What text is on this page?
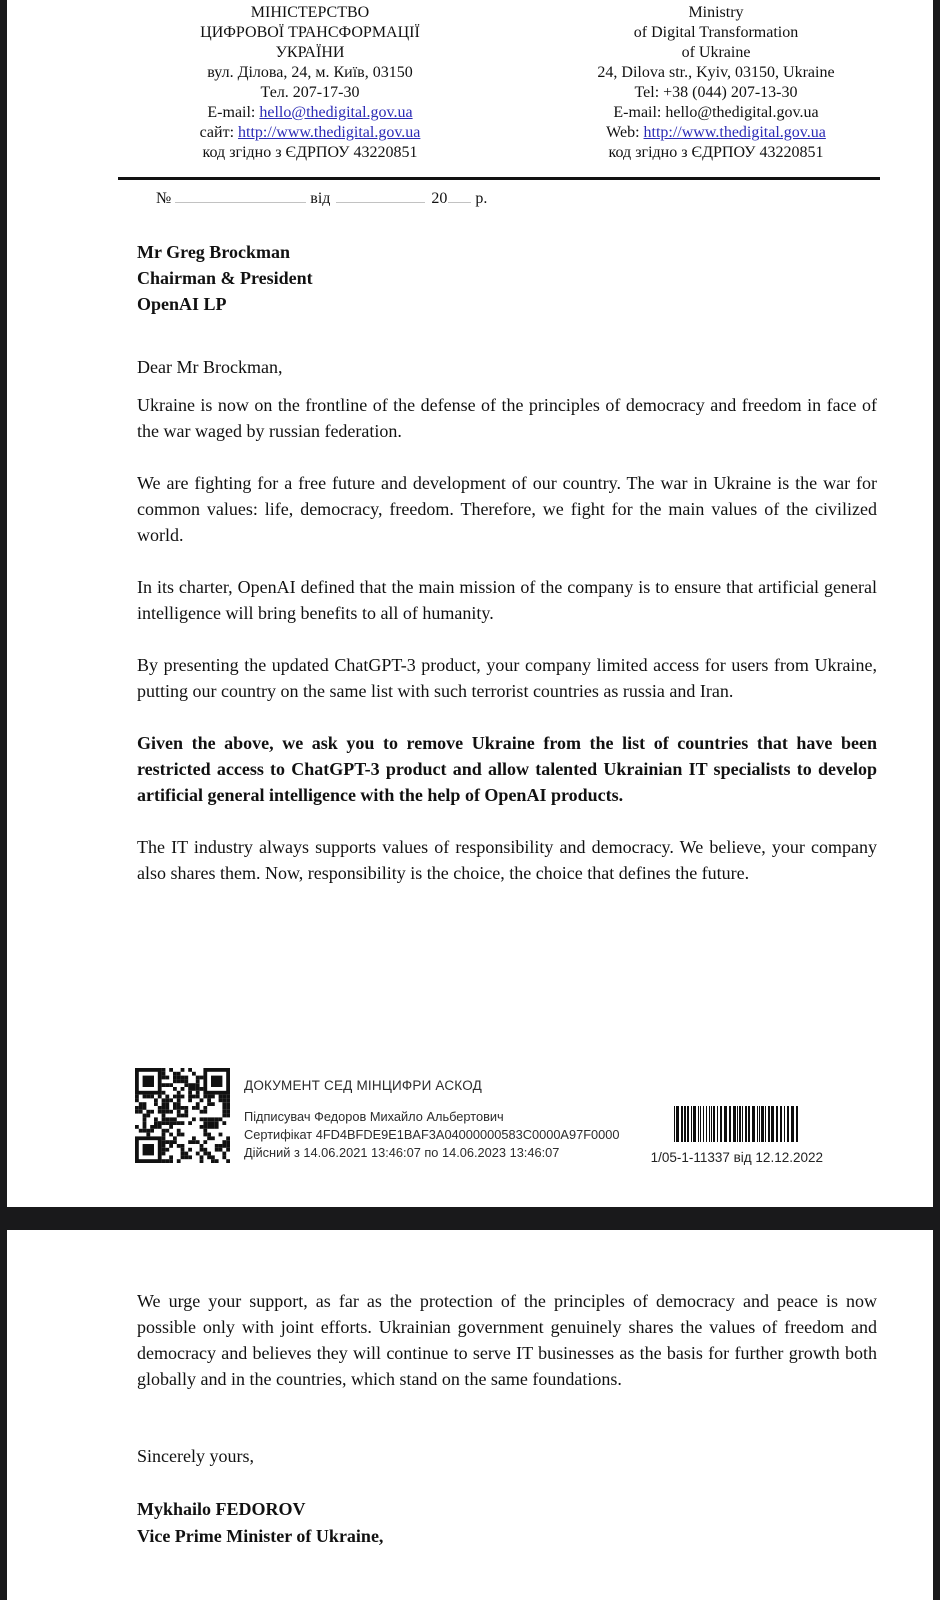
МІНІСТЕРСТВО
ЦИФРОВОЇ ТРАНСФОРМАЦІЇ
УКРАЇНИ
вул. Ділова, 24, м. Київ, 03150
Тел. 207-17-30
E-mail: hello@thedigital.gov.ua
сайт: http://www.thedigital.gov.ua
код згідно з ЄДРПОУ 43220851
Ministry
of Digital Transformation
of Ukraine
24, Dilova str., Kyiv, 03150, Ukraine
Tel: +38 (044) 207-13-30
E-mail: hello@thedigital.gov.ua
Web: http://www.thedigital.gov.ua
код згідно з ЄДРПОУ 43220851
№	від	20 р.
Mr Greg Brockman
Chairman & President
OpenAI LP

Dear Mr Brockman,

Ukraine is now on the frontline of the defense of the principles of democracy and freedom in face of the war waged by russian federation.

We are fighting for a free future and development of our country. The war in Ukraine is the war for common values: life, democracy, freedom. Therefore, we fight for the main values of the civilized world.

In its charter, OpenAI defined that the main mission of the company is to ensure that artificial general intelligence will bring benefits to all of humanity.

By presenting the updated ChatGPT-3 product, your company limited access for users from Ukraine, putting our country on the same list with such terrorist countries as russia and Iran.

Given the above, we ask you to remove Ukraine from the list of countries that have been restricted access to ChatGPT-3 product and allow talented Ukrainian IT specialists to develop artificial general intelligence with the help of OpenAI products.

The IT industry always supports values of responsibility and democracy. We believe, your company also shares them. Now, responsibility is the choice, the choice that defines the future.

ДОКУМЕНТ СЕД МІНЦИФРИ АСКОД
Підписувач Федоров Михайло Альбертович
Сертифікат 4FD4BFDE9E1BAF3A04000000583C0000A97F0000
Дійсний з 14.06.2021 13:46:07 по 14.06.2023 13:46:07	1/05-1-11337 від 12.12.2022

We urge your support, as far as the protection of the principles of democracy and peace is now possible only with joint efforts. Ukrainian government genuinely shares the values of freedom and democracy and believes they will continue to serve IT businesses as the basis for further growth both globally and in the countries, which stand on the same foundations.

Sincerely yours,

Mykhailo FEDOROV
Vice Prime Minister of Ukraine,
